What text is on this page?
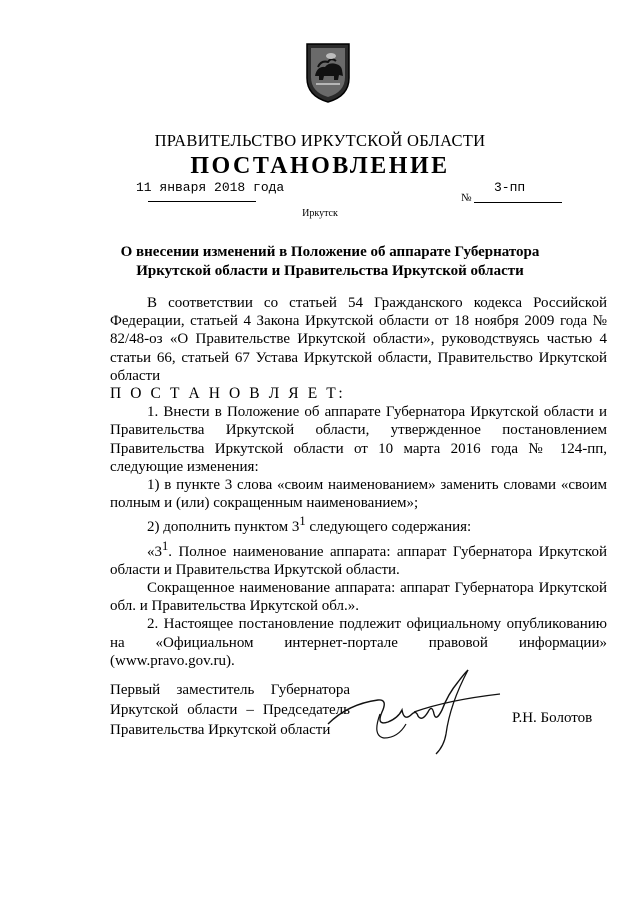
ПРАВИТЕЛЬСТВО ИРКУТСКОЙ ОБЛАСТИ
ПОСТАНОВЛЕНИЕ
11 января 2018 года
№
3-пп
Иркутск
О внесении изменений в Положение об аппарате Губернатора
Иркутской области и Правительства Иркутской области

В соответствии со статьей 54 Гражданского кодекса Российской Федерации, статьей 4 Закона Иркутской области от 18 ноября 2009 года № 82/48-оз «О Правительстве Иркутской области», руководствуясь частью 4 статьи 66, статьей 67 Устава Иркутской области, Правительство Иркутской области

П О С Т А Н О В Л Я Е Т:

1. Внести в Положение об аппарате Губернатора Иркутской области и Правительства Иркутской области, утвержденное постановлением Правительства Иркутской области от 10 марта 2016 года № 124-пп, следующие изменения:

1) в пункте 3 слова «своим наименованием» заменить словами «своим полным и (или) сокращенным наименованием»;

2) дополнить пунктом $3^1$ следующего содержания:

«$3^1$. Полное наименование аппарата: аппарат Губернатора Иркутской области и Правительства Иркутской области.

Сокращенное наименование аппарата: аппарат Губернатора Иркутской обл. и Правительства Иркутской обл.».

2. Настоящее постановление подлежит официальному опубликованию на «Официальном интернет-портале правовой информации» (www.pravo.gov.ru).

Первый заместитель Губернатора
Иркутской области – Председатель
Правительства Иркутской области
Р.Н. Болотов
